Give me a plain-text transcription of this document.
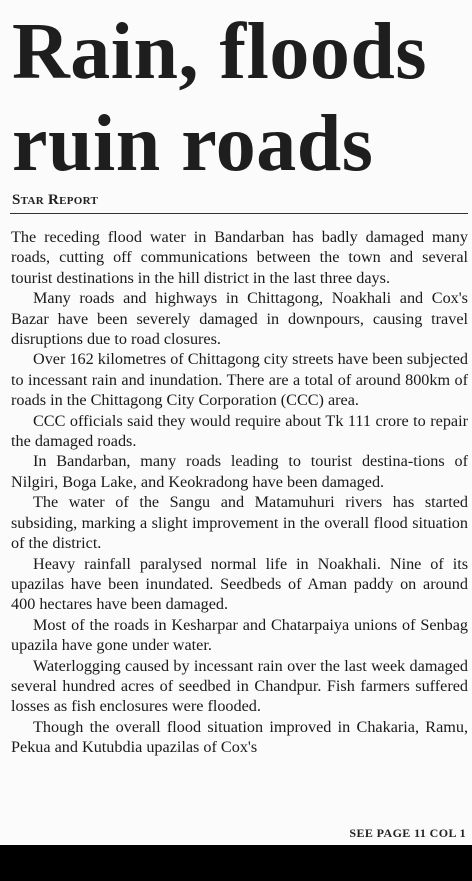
Rain, floods
ruin roads
Star Report

The receding flood water in Bandarban has badly damaged many roads, cutting off communications between the town and several tourist destinations in the hill district in the last three days.

Many roads and highways in Chittagong, Noakhali and Cox's Bazar have been severely damaged in downpours, causing travel disruptions due to road closures.

Over 162 kilometres of Chittagong city streets have been subjected to incessant rain and inundation. There are a total of around 800km of roads in the Chittagong City Corporation (CCC) area.

CCC officials said they would require about Tk 111 crore to repair the damaged roads.

In Bandarban, many roads leading to tourist destina-tions of Nilgiri, Boga Lake, and Keokradong have been damaged.

The water of the Sangu and Matamuhuri rivers has started subsiding, marking a slight improvement in the overall flood situation of the district.

Heavy rainfall paralysed normal life in Noakhali. Nine of its upazilas have been inundated. Seedbeds of Aman paddy on around 400 hectares have been damaged.

Most of the roads in Kesharpar and Chatarpaiya unions of Senbag upazila have gone under water.

Waterlogging caused by incessant rain over the last week damaged several hundred acres of seedbed in Chandpur. Fish farmers suffered losses as fish enclosures were flooded.

Though the overall flood situation improved in Chakaria, Ramu, Pekua and Kutubdia upazilas of Cox's

SEE PAGE 11 COL 1
